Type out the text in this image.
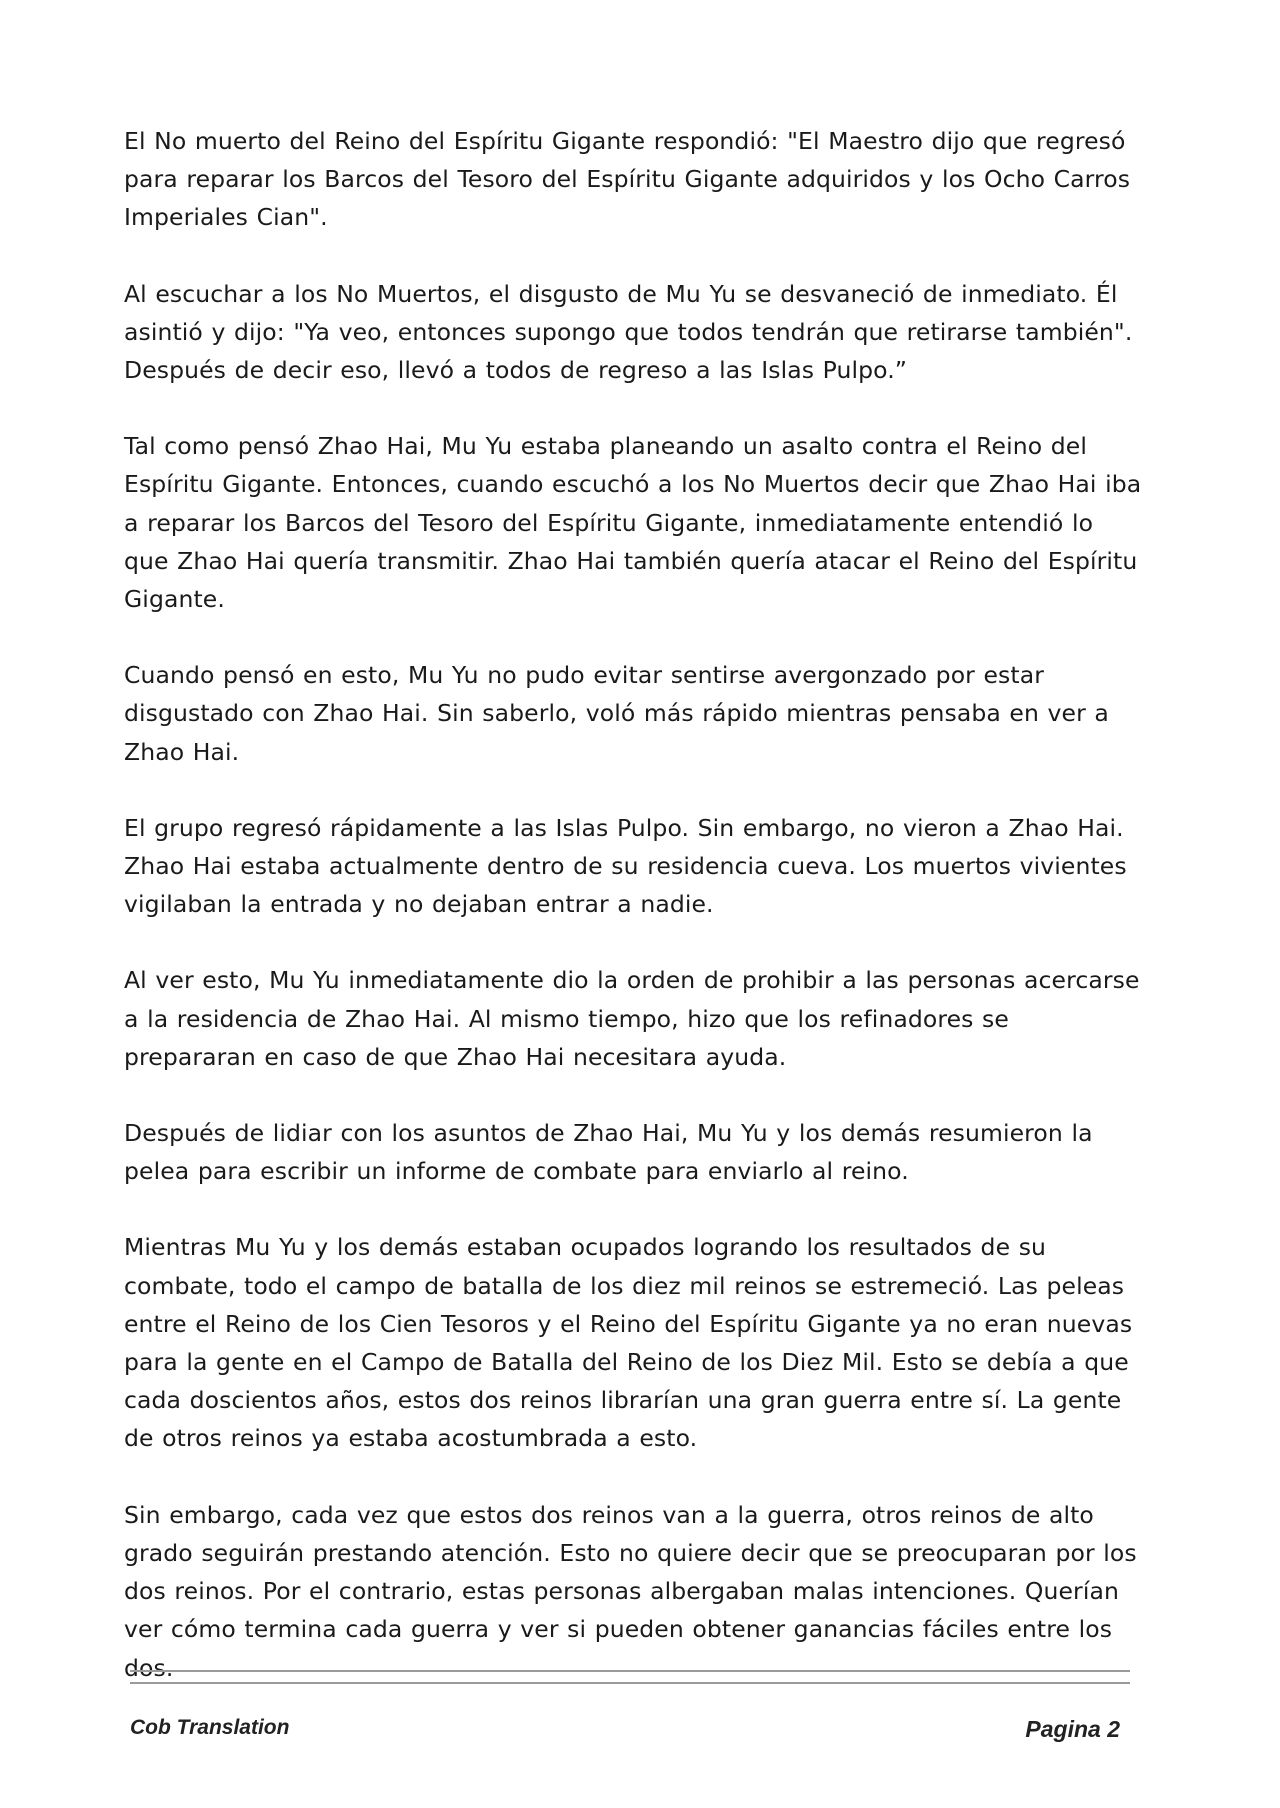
El No muerto del Reino del Espíritu Gigante respondió: "El Maestro dijo que regresó para reparar los Barcos del Tesoro del Espíritu Gigante adquiridos y los Ocho Carros Imperiales Cian".

Al escuchar a los No Muertos, el disgusto de Mu Yu se desvaneció de inmediato. Él asintió y dijo: "Ya veo, entonces supongo que todos tendrán que retirarse también". Después de decir eso, llevó a todos de regreso a las Islas Pulpo.”

Tal como pensó Zhao Hai, Mu Yu estaba planeando un asalto contra el Reino del Espíritu Gigante. Entonces, cuando escuchó a los No Muertos decir que Zhao Hai iba a reparar los Barcos del Tesoro del Espíritu Gigante, inmediatamente entendió lo que Zhao Hai quería transmitir. Zhao Hai también quería atacar el Reino del Espíritu Gigante.

Cuando pensó en esto, Mu Yu no pudo evitar sentirse avergonzado por estar disgustado con Zhao Hai. Sin saberlo, voló más rápido mientras pensaba en ver a Zhao Hai.

El grupo regresó rápidamente a las Islas Pulpo. Sin embargo, no vieron a Zhao Hai. Zhao Hai estaba actualmente dentro de su residencia cueva. Los muertos vivientes vigilaban la entrada y no dejaban entrar a nadie.

Al ver esto, Mu Yu inmediatamente dio la orden de prohibir a las personas acercarse a la residencia de Zhao Hai. Al mismo tiempo, hizo que los refinadores se prepararan en caso de que Zhao Hai necesitara ayuda.

Después de lidiar con los asuntos de Zhao Hai, Mu Yu y los demás resumieron la pelea para escribir un informe de combate para enviarlo al reino.

Mientras Mu Yu y los demás estaban ocupados logrando los resultados de su combate, todo el campo de batalla de los diez mil reinos se estremeció. Las peleas entre el Reino de los Cien Tesoros y el Reino del Espíritu Gigante ya no eran nuevas para la gente en el Campo de Batalla del Reino de los Diez Mil. Esto se debía a que cada doscientos años, estos dos reinos librarían una gran guerra entre sí. La gente de otros reinos ya estaba acostumbrada a esto.

Sin embargo, cada vez que estos dos reinos van a la guerra, otros reinos de alto grado seguirán prestando atención. Esto no quiere decir que se preocuparan por los dos reinos. Por el contrario, estas personas albergaban malas intenciones. Querían ver cómo termina cada guerra y ver si pueden obtener ganancias fáciles entre los dos.

Cob Translation	Pagina 2
